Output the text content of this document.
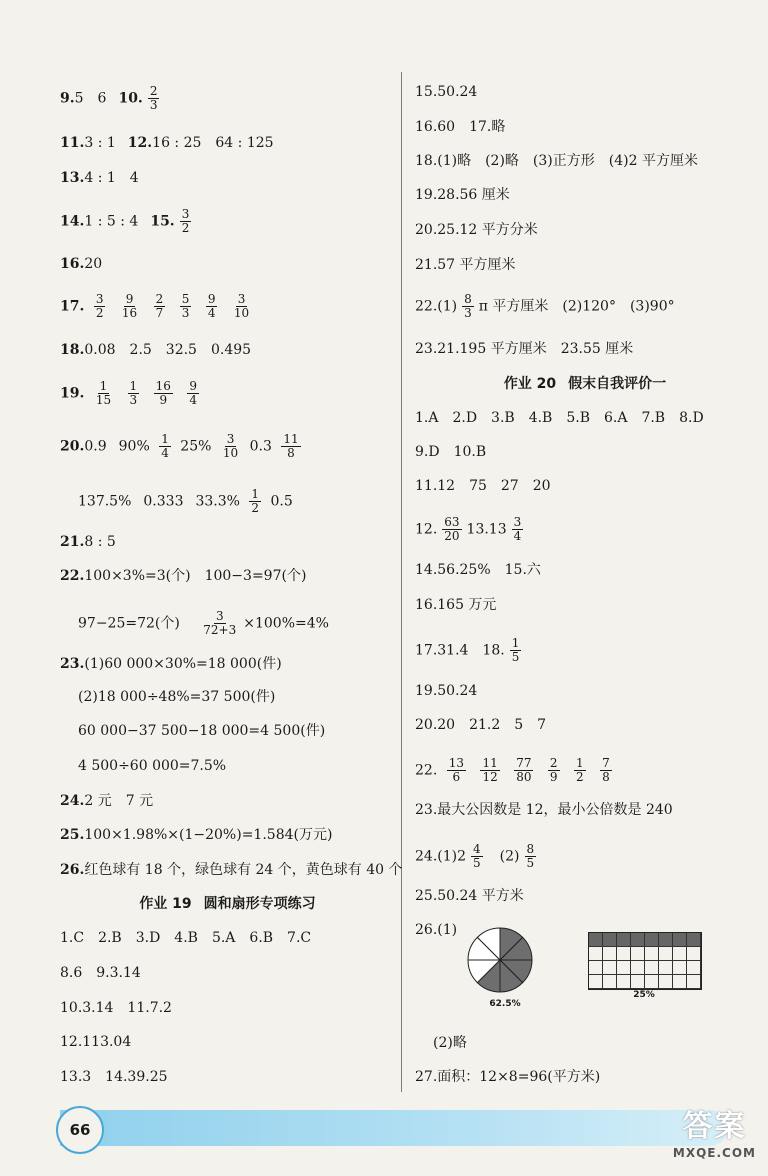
9.5　6 10. $\frac{2}{3}$
11.3 : 1 12.16 : 25　64 : 125
13.4 : 1　4
14.1 : 5 : 4 15. $\frac{3}{2}$
16.20
17. $\frac{3}{2}$
$\frac{9}{16}$
$\frac{2}{7}$
$\frac{5}{3}$
$\frac{9}{4}$
$\frac{3}{10}$
18.0.08　2.5　32.5　0.495
19. $\frac{1}{15}$
$\frac{1}{3}$
$\frac{16}{9}$
$\frac{9}{4}$
20.0.9 $90\% \frac{1}{4} 25\% \frac{3}{10} 0.3 \frac{11}{8}$
137.5% 0.333 $33.3\% \frac{1}{2} 0.5$
21.8 : 5
22.100×3%=3(个)　100−3=97(个)
97−25=72(个) $\frac{3}{72+3} \times 100\%=4\%$
23.(1)60 000×30%=18 000(件)
(2)18 000÷48%=37 500(件)
60 000−37 500−18 000=4 500(件)
4 500÷60 000=7.5%
24.2 元　7 元
25.100×1.98%×(1−20%)=1.584(万元)
26.红色球有 18 个，绿色球有 24 个，黄色球有 40 个
作业 19 圆和扇形专项练习
1.C　2.B　3.D　4.B　5.A　6.B　7.C
8.6　9.3.14
10.3.14　11.7.2
12.113.04
13.3　14.39.25
15.50.24
16.60　17.略
18.(1)略　(2)略　(3)正方形　(4)2 平方厘米
19.28.56 厘米
20.25.12 平方分米
21.57 平方厘米
$22.(1) \frac{8}{3}$ π 平方厘米　(2)120°　(3)90°
23.21.195 平方厘米　23.55 厘米
作业 20 假末自我评价一
1.A　2.D　3.B　4.B　5.B　6.A　7.B　8.D
9.D　10.B
11.12　75　27　20
12. $\frac{63}{20} 13.13 \frac{3}{4}$
14.56.25%　15.六
16.165 万元
17.31.4　18. $\frac{1}{5}$
19.50.24
20.20　21.2　5　7
22. $\frac{13}{6}$
$\frac{11}{12}$
$\frac{77}{80}$
$\frac{2}{9}$
$\frac{1}{2}$
$\frac{7}{8}$
23.最大公因数是 12，最小公倍数是 240
$24.(1)2 \frac{4}{5} (2) \frac{8}{5}$
25.50.24 平方米
26.(1)
(2)略
27.面积：12×8=96(平方米)
62.5%
25%
66	答案
MXQE.COM
